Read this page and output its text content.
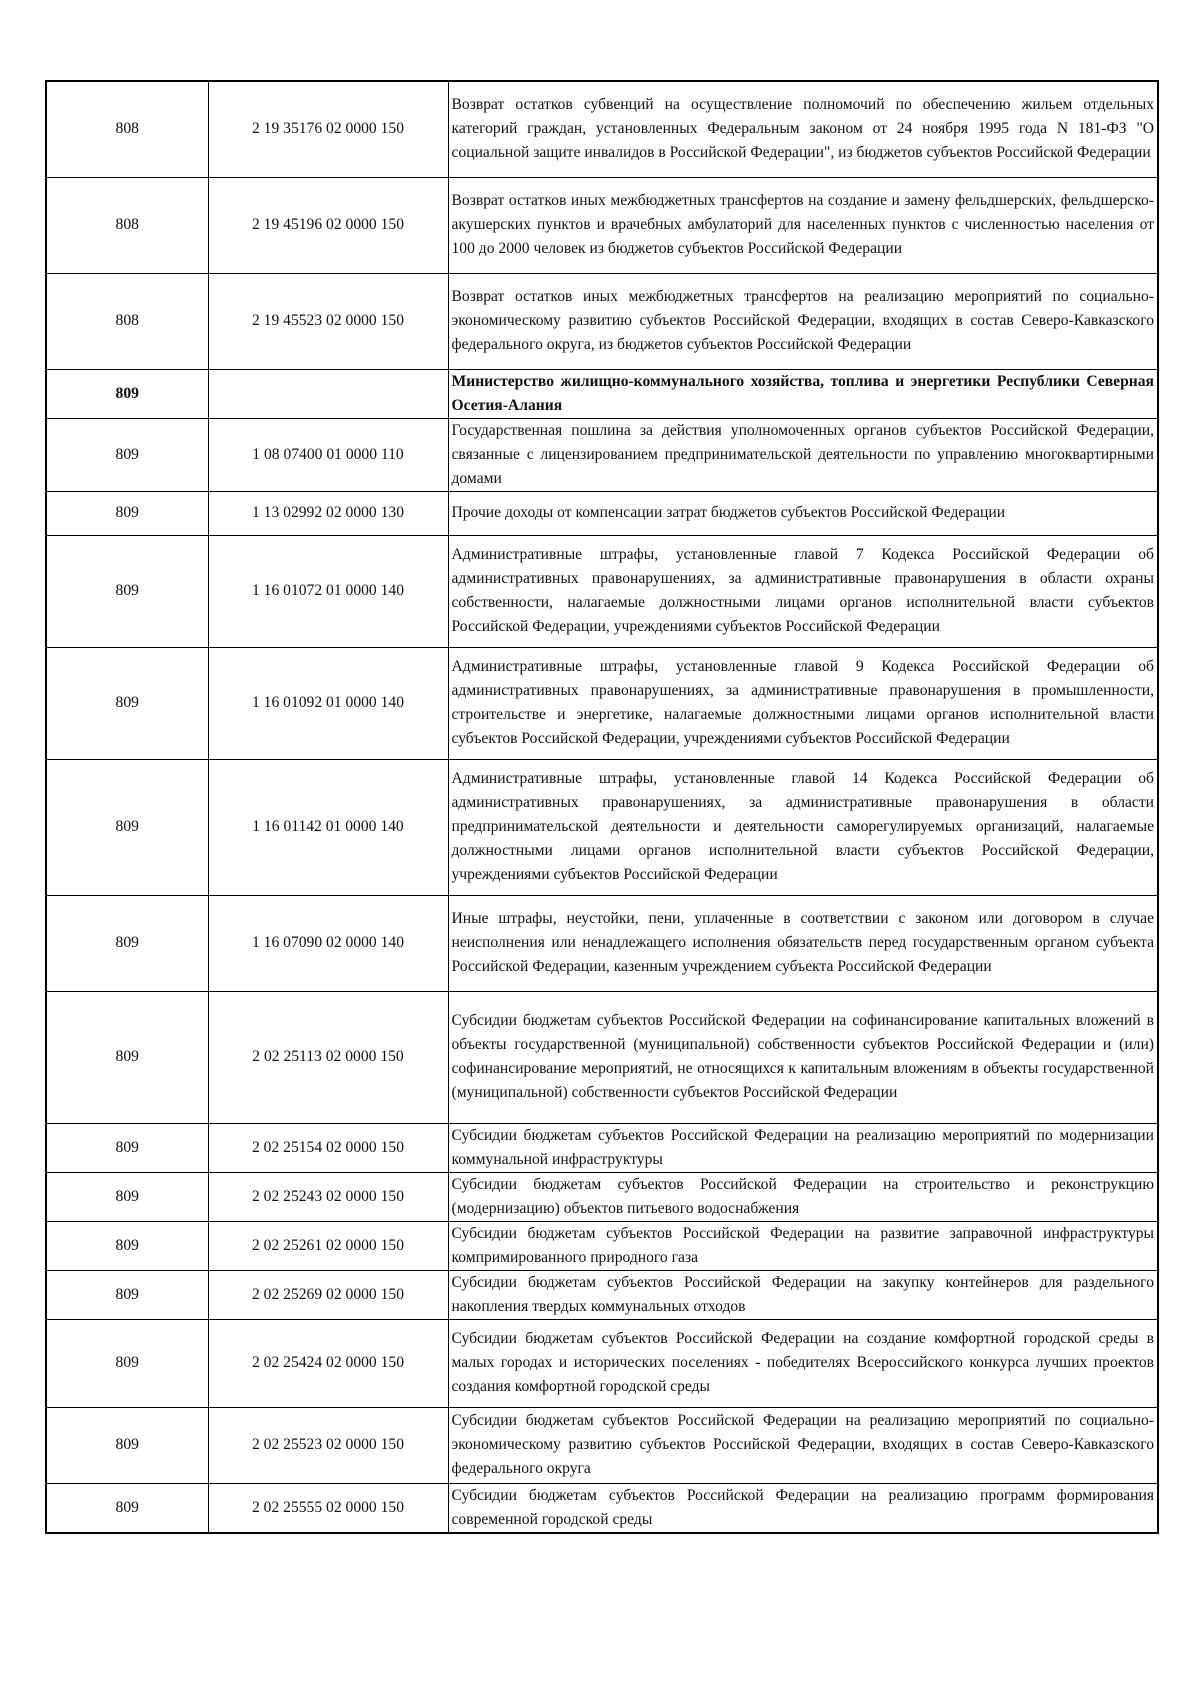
808	2 19 35176 02 0000 150	Возврат остатков субвенций на осуществление полномочий по обеспечению жильем отдельных категорий граждан, установленных Федеральным законом от 24 ноября 1995 года N 181-ФЗ "О социальной защите инвалидов в Российской Федерации", из бюджетов субъектов Российской Федерации
808	2 19 45196 02 0000 150	Возврат остатков иных межбюджетных трансфертов на создание и замену фельдшерских, фельдшерско-акушерских пунктов и врачебных амбулаторий для населенных пунктов с численностью населения от 100 до 2000 человек из бюджетов субъектов Российской Федерации
808	2 19 45523 02 0000 150	Возврат остатков иных межбюджетных трансфертов на реализацию мероприятий по социально-экономическому развитию субъектов Российской Федерации, входящих в состав Северо-Кавказского федерального округа, из бюджетов субъектов Российской Федерации
809		Министерство жилищно-коммунального хозяйства, топлива и энергетики Республики Северная Осетия-Алания
809	1 08 07400 01 0000 110	Государственная пошлина за действия уполномоченных органов субъектов Российской Федерации, связанные с лицензированием предпринимательской деятельности по управлению многоквартирными домами
809	1 13 02992 02 0000 130	Прочие доходы от компенсации затрат бюджетов субъектов Российской Федерации
809	1 16 01072 01 0000 140	Административные штрафы, установленные главой 7 Кодекса Российской Федерации об административных правонарушениях, за административные правонарушения в области охраны собственности, налагаемые должностными лицами органов исполнительной власти субъектов Российской Федерации, учреждениями субъектов Российской Федерации
809	1 16 01092 01 0000 140	Административные штрафы, установленные главой 9 Кодекса Российской Федерации об административных правонарушениях, за административные правонарушения в промышленности, строительстве и энергетике, налагаемые должностными лицами органов исполнительной власти субъектов Российской Федерации, учреждениями субъектов Российской Федерации
809	1 16 01142 01 0000 140	Административные штрафы, установленные главой 14 Кодекса Российской Федерации об административных правонарушениях, за административные правонарушения в области предпринимательской деятельности и деятельности саморегулируемых организаций, налагаемые должностными лицами органов исполнительной власти субъектов Российской Федерации, учреждениями субъектов Российской Федерации
809	1 16 07090 02 0000 140	Иные штрафы, неустойки, пени, уплаченные в соответствии с законом или договором в случае неисполнения или ненадлежащего исполнения обязательств перед государственным органом субъекта Российской Федерации, казенным учреждением субъекта Российской Федерации
809	2 02 25113 02 0000 150	Субсидии бюджетам субъектов Российской Федерации на софинансирование капитальных вложений в объекты государственной (муниципальной) собственности субъектов Российской Федерации и (или) софинансирование мероприятий, не относящихся к капитальным вложениям в объекты государственной (муниципальной) собственности субъектов Российской Федерации
809	2 02 25154 02 0000 150	Субсидии бюджетам субъектов Российской Федерации на реализацию мероприятий по модернизации коммунальной инфраструктуры
809	2 02 25243 02 0000 150	Субсидии бюджетам субъектов Российской Федерации на строительство и реконструкцию (модернизацию) объектов питьевого водоснабжения
809	2 02 25261 02 0000 150	Субсидии бюджетам субъектов Российской Федерации на развитие заправочной инфраструктуры компримированного природного газа
809	2 02 25269 02 0000 150	Субсидии бюджетам субъектов Российской Федерации на закупку контейнеров для раздельного накопления твердых коммунальных отходов
809	2 02 25424 02 0000 150	Субсидии бюджетам субъектов Российской Федерации на создание комфортной городской среды в малых городах и исторических поселениях - победителях Всероссийского конкурса лучших проектов создания комфортной городской среды
809	2 02 25523 02 0000 150	Субсидии бюджетам субъектов Российской Федерации на реализацию мероприятий по социально-экономическому развитию субъектов Российской Федерации, входящих в состав Северо-Кавказского федерального округа
809	2 02 25555 02 0000 150	Субсидии бюджетам субъектов Российской Федерации на реализацию программ формирования современной городской среды
